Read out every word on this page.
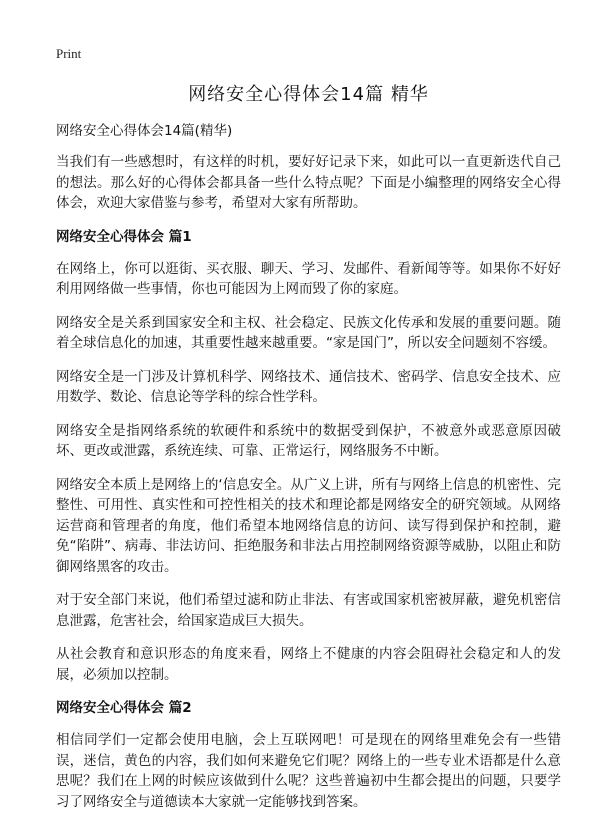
Print
网络安全心得体会14篇 精华
网络安全心得体会14篇(精华)

当我们有一些感想时，有这样的时机，要好好记录下来，如此可以一直更新迭代自己的想法。那么好的心得体会都具备一些什么特点呢？下面是小编整理的网络安全心得体会，欢迎大家借鉴与参考，希望对大家有所帮助。

网络安全心得体会 篇1

在网络上，你可以逛街、买衣服、聊天、学习、发邮件、看新闻等等。如果你不好好利用网络做一些事情，你也可能因为上网而毁了你的家庭。

网络安全是关系到国家安全和主权、社会稳定、民族文化传承和发展的重要问题。随着全球信息化的加速，其重要性越来越重要。“家是国门”，所以安全问题刻不容缓。

网络安全是一门涉及计算机科学、网络技术、通信技术、密码学、信息安全技术、应用数学、数论、信息论等学科的综合性学科。

网络安全是指网络系统的软硬件和系统中的数据受到保护，不被意外或恶意原因破坏、更改或泄露，系统连续、可靠、正常运行，网络服务不中断。

网络安全本质上是网络上的‘信息安全。从广义上讲，所有与网络上信息的机密性、完整性、可用性、真实性和可控性相关的技术和理论都是网络安全的研究领域。从网络运营商和管理者的角度，他们希望本地网络信息的访问、读写得到保护和控制，避免“陷阱”、病毒、非法访问、拒绝服务和非法占用控制网络资源等威胁，以阻止和防御网络黑客的攻击。

对于安全部门来说，他们希望过滤和防止非法、有害或国家机密被屏蔽，避免机密信息泄露，危害社会，给国家造成巨大损失。

从社会教育和意识形态的角度来看，网络上不健康的内容会阻碍社会稳定和人的发展，必须加以控制。

网络安全心得体会 篇2

相信同学们一定都会使用电脑，会上互联网吧！可是现在的网络里难免会有一些错误，迷信，黄色的内容，我们如何来避免它们呢？网络上的一些专业术语都是什么意思呢？我们在上网的时候应该做到什么呢？这些普遍初中生都会提出的问题，只要学习了网络安全与道德读本大家就一定能够找到答案。
